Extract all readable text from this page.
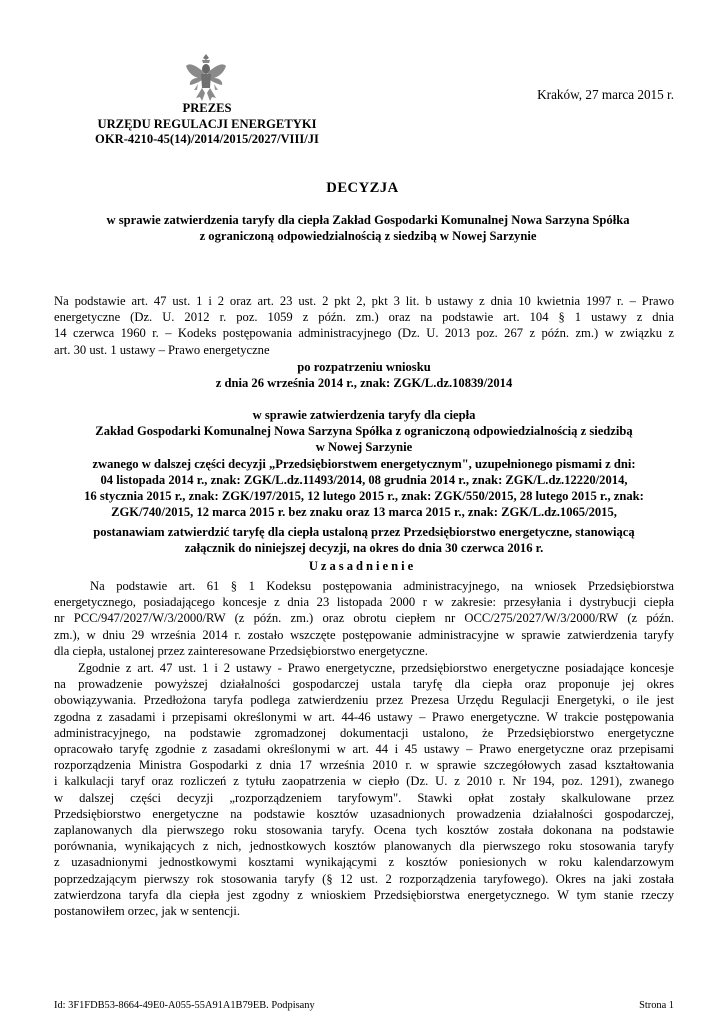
PREZES
URZĘDU REGULACJI ENERGETYKI
OKR-4210-45(14)/2014/2015/2027/VIII/JI
Kraków, 27 marca 2015 r.
DECYZJA
w sprawie zatwierdzenia taryfy dla ciepła Zakład Gospodarki Komunalnej Nowa Sarzyna Spółka
z ograniczoną odpowiedzialnością z siedzibą w Nowej Sarzynie
Na podstawie art. 47 ust. 1 i 2 oraz art. 23 ust. 2 pkt 2, pkt 3 lit. b ustawy z dnia 10 kwietnia 1997 r. – Prawo
energetyczne (Dz. U. 2012 r. poz. 1059 z późn. zm.) oraz na podstawie art. 104 § 1 ustawy z dnia
14 czerwca 1960 r. – Kodeks postępowania administracyjnego (Dz. U. 2013 poz. 267 z późn. zm.) w związku z
art. 30 ust. 1 ustawy – Prawo energetyczne
po rozpatrzeniu wniosku
z dnia 26 września 2014 r., znak: ZGK/L.dz.10839/2014
w sprawie zatwierdzenia taryfy dla ciepła
Zakład Gospodarki Komunalnej Nowa Sarzyna Spółka z ograniczoną odpowiedzialnością z siedzibą
w Nowej Sarzynie
zwanego w dalszej części decyzji „Przedsiębiorstwem energetycznym", uzupełnionego pismami z dni:
04 listopada 2014 r., znak: ZGK/L.dz.11493/2014, 08 grudnia 2014 r., znak: ZGK/L.dz.12220/2014,
16 stycznia 2015 r., znak: ZGK/197/2015, 12 lutego 2015 r., znak: ZGK/550/2015, 28 lutego 2015 r., znak:
ZGK/740/2015, 12 marca 2015 r. bez znaku oraz 13 marca 2015 r., znak: ZGK/L.dz.1065/2015,
postanawiam zatwierdzić taryfę dla ciepła ustaloną przez Przedsiębiorstwo energetyczne, stanowiącą
załącznik do niniejszej decyzji, na okres do dnia 30 czerwca 2016 r.
Uzasadnienie
Na podstawie art. 61 § 1 Kodeksu postępowania administracyjnego, na wniosek Przedsiębiorstwa
energetycznego, posiadającego koncesje z dnia 23 listopada 2000 r w zakresie: przesyłania i dystrybucji ciepła
nr PCC/947/2027/W/3/2000/RW (z późn. zm.) oraz obrotu ciepłem nr OCC/275/2027/W/3/2000/RW (z późn.
zm.), w dniu 29 września 2014 r. zostało wszczęte postępowanie administracyjne w sprawie zatwierdzenia taryfy
dla ciepła, ustalonej przez zainteresowane Przedsiębiorstwo energetyczne.
Zgodnie z art. 47 ust. 1 i 2 ustawy - Prawo energetyczne, przedsiębiorstwo energetyczne posiadające koncesje
na prowadzenie powyższej działalności gospodarczej ustala taryfę dla ciepła oraz proponuje jej okres
obowiązywania. Przedłożona taryfa podlega zatwierdzeniu przez Prezesa Urzędu Regulacji Energetyki, o ile jest
zgodna z zasadami i przepisami określonymi w art. 44-46 ustawy – Prawo energetyczne. W trakcie postępowania
administracyjnego, na podstawie zgromadzonej dokumentacji ustalono, że Przedsiębiorstwo energetyczne
opracowało taryfę zgodnie z zasadami określonymi w art. 44 i 45 ustawy – Prawo energetyczne oraz przepisami
rozporządzenia Ministra Gospodarki z dnia 17 września 2010 r. w sprawie szczegółowych zasad kształtowania
i kalkulacji taryf oraz rozliczeń z tytułu zaopatrzenia w ciepło (Dz. U. z 2010 r. Nr 194, poz. 1291), zwanego
w dalszej części decyzji „rozporządzeniem taryfowym". Stawki opłat zostały skalkulowane przez
Przedsiębiorstwo energetyczne na podstawie kosztów uzasadnionych prowadzenia działalności gospodarczej,
zaplanowanych dla pierwszego roku stosowania taryfy. Ocena tych kosztów została dokonana na podstawie
porównania, wynikających z nich, jednostkowych kosztów planowanych dla pierwszego roku stosowania taryfy
z uzasadnionymi jednostkowymi kosztami wynikającymi z kosztów poniesionych w roku kalendarzowym
poprzedzającym pierwszy rok stosowania taryfy (§ 12 ust. 2 rozporządzenia taryfowego). Okres na jaki została
zatwierdzona taryfa dla ciepła jest zgodny z wnioskiem Przedsiębiorstwa energetycznego. W tym stanie rzeczy
postanowiłem orzec, jak w sentencji.
Id: 3F1FDB53-8664-49E0-A055-55A91A1B79EB. Podpisany	Strona 1
